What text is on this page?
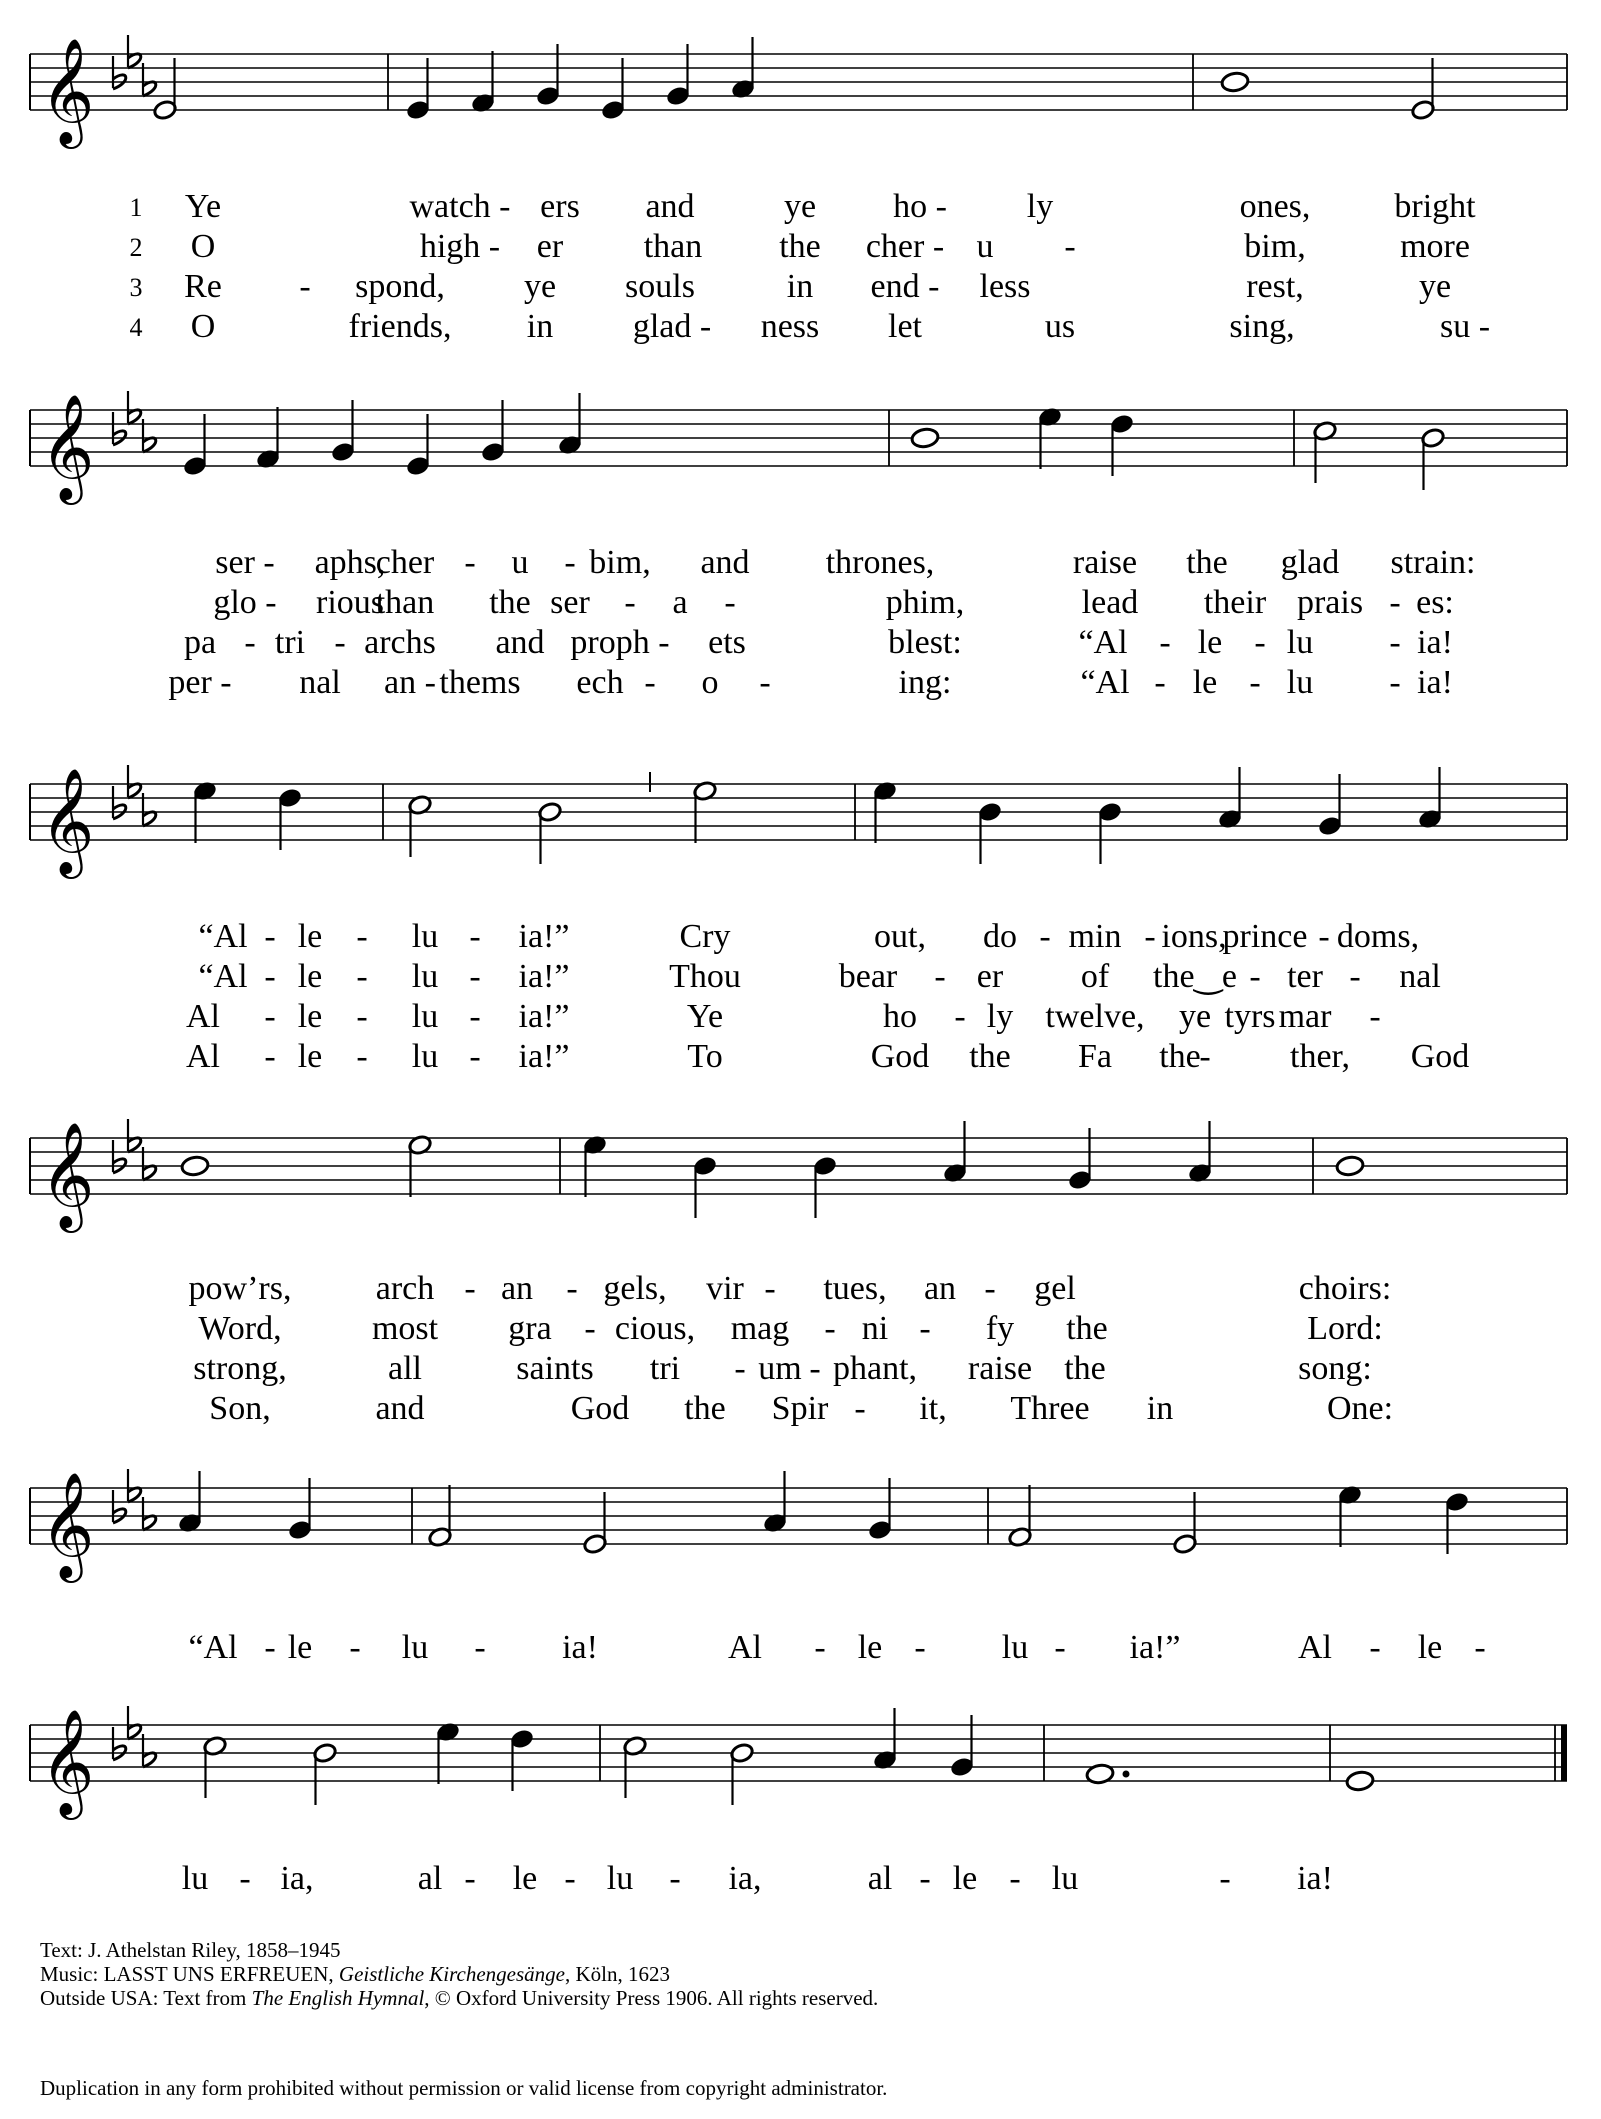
𝄞
𝄞
𝄞
𝄞
𝄞
𝄞
1
2
3
4
Ye	watch - ers and	ye ho - ly	ones, bright
O	high - er than the cher - u -	bim,	more
Re - spond, ye souls	in end - less	rest,	ye
O	friends, in glad - ness let	us	sing,	su -
ser - aphs,
cher - u - bim, and thrones,	raise the glad strain:
glo - rious
than the ser - a -	phim,	lead their prais - es:
pa - tri - archs and proph - ets	blest:	“Al - le - lu - ia!
per - nal an - thems ech - o -	ing:	“Al - le - lu - ia!
“Al - le - lu - ia!”	Cry	out, do - min - ions,
prince - doms,
“Al - le - lu - ia!”	Thou	bear - er of the‿e - ter - nal
Al - le - lu - ia!”	Ye	ho - ly twelve, ye mar -
tyrs
Al - le - lu - ia!”	To	God the Fa	- ther, God
the
pow’rs, arch - an - gels, vir - tues, an - gel	choirs:
Word,	most gra - cious, mag - ni - fy the	Lord:
strong,	all	saints tri - um - phant, raise the	song:
Son,	and	God the Spir - it, Three in	One:
“Al - le - lu - ia!	Al - le - lu - ia!”	Al - le -
lu - ia,	al - le - lu - ia,	al - le - lu	- ia!
Text: J. Athelstan Riley, 1858–1945
Music: LASST UNS ERFREUEN, Geistliche Kirchengesänge, Köln, 1623
Outside USA: Text from The English Hymnal, © Oxford University Press 1906. All rights reserved.
Duplication in any form prohibited without permission or valid license from copyright administrator.
